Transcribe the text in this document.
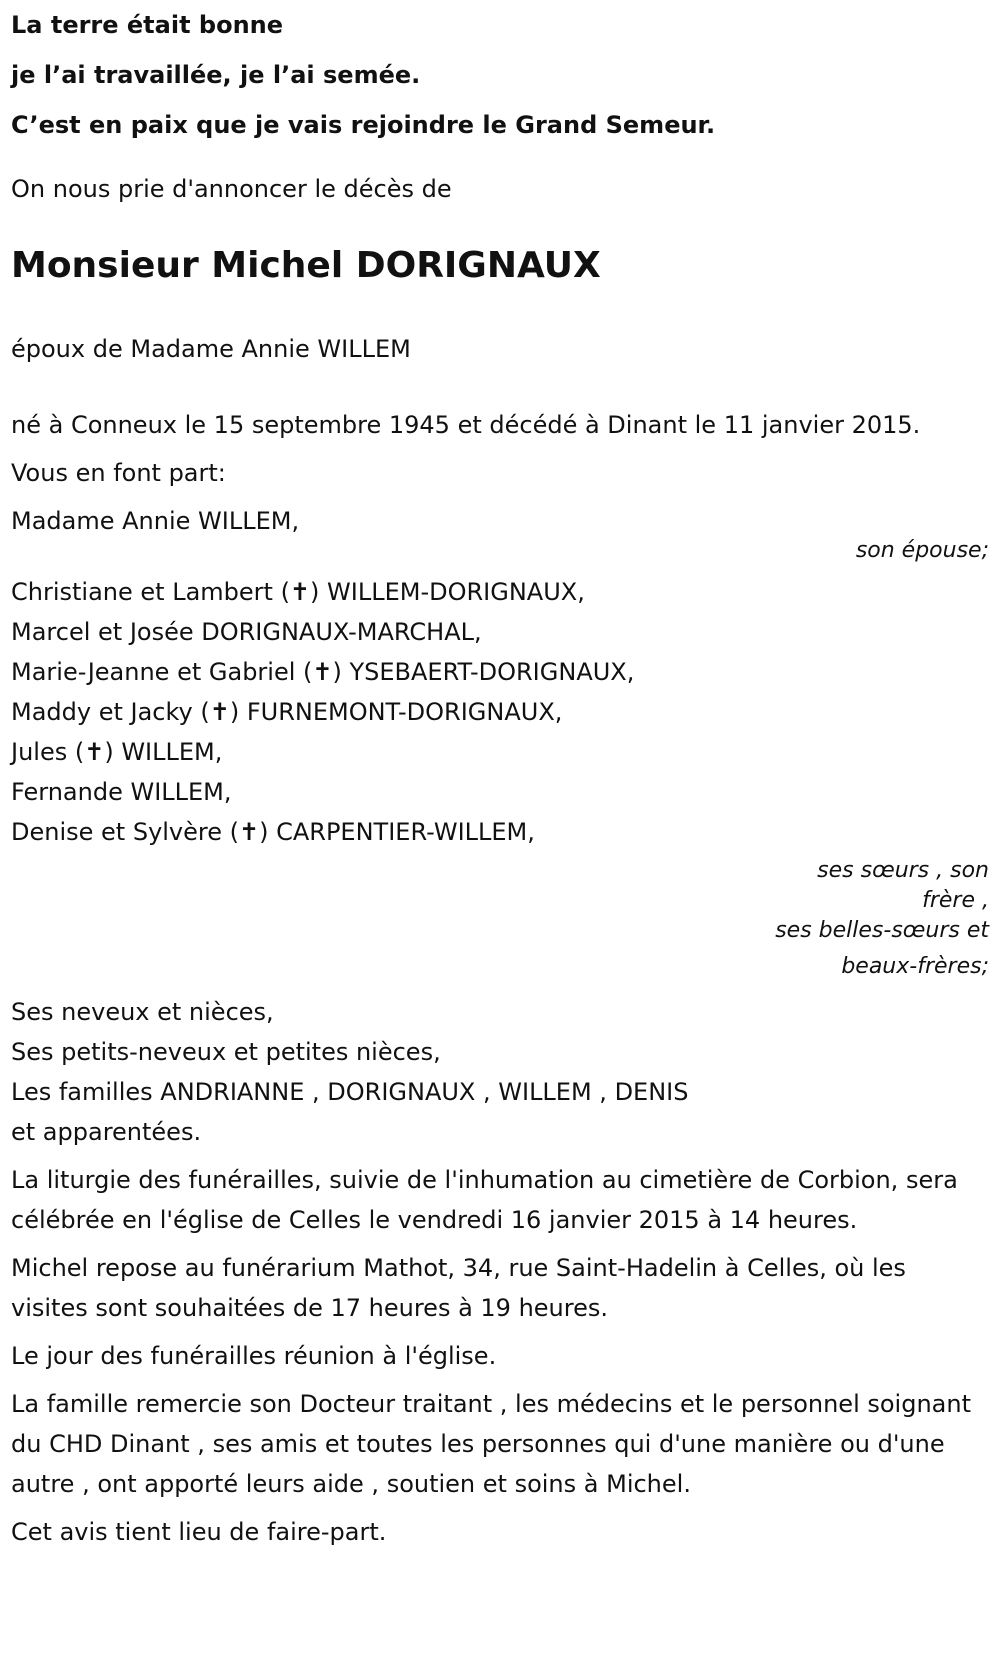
La terre était bonne
je l’ai travaillée, je l’ai semée.
C’est en paix que je vais rejoindre le Grand Semeur.
On nous prie d'annoncer le décès de
Monsieur Michel DORIGNAUX
époux de Madame Annie WILLEM
né à Conneux le 15 septembre 1945 et décédé à Dinant le 11 janvier 2015.
Vous en font part:
Madame Annie WILLEM,
son épouse;
Christiane et Lambert (✝) WILLEM-DORIGNAUX,
Marcel et Josée DORIGNAUX-MARCHAL,
Marie-Jeanne et Gabriel (✝) YSEBAERT-DORIGNAUX,
Maddy et Jacky (✝) FURNEMONT-DORIGNAUX,
Jules (✝) WILLEM,
Fernande WILLEM,
Denise et Sylvère (✝) CARPENTIER-WILLEM,
ses sœurs , son
frère ,
ses belles-sœurs et
beaux-frères;
Ses neveux et nièces,
Ses petits-neveux et petites nièces,
Les familles ANDRIANNE , DORIGNAUX , WILLEM , DENIS
et apparentées.
La liturgie des funérailles, suivie de l'inhumation au cimetière de Corbion, sera célébrée en l'église de Celles le vendredi 16 janvier 2015 à 14 heures.
Michel repose au funérarium Mathot, 34, rue Saint-Hadelin à Celles, où les visites sont souhaitées de 17 heures à 19 heures.
Le jour des funérailles réunion à l'église.
La famille remercie son Docteur traitant , les médecins et le personnel soignant du CHD Dinant , ses amis et toutes les personnes qui d'une manière ou d'une autre , ont apporté leurs aide , soutien et soins à Michel.
Cet avis tient lieu de faire-part.
